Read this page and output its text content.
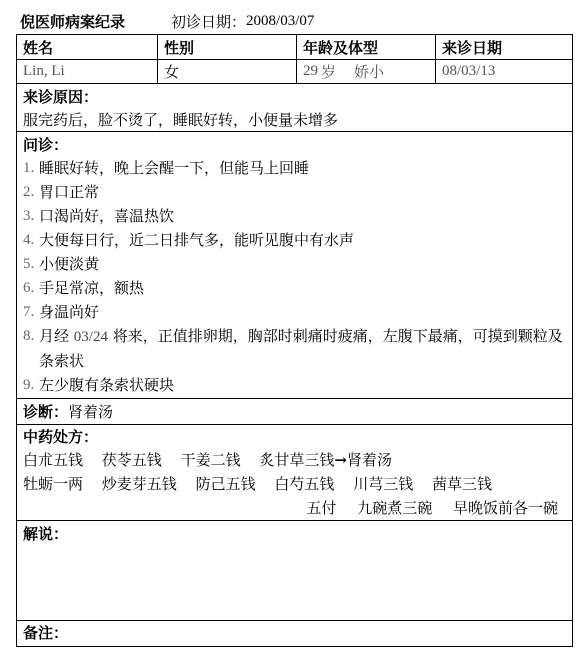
倪医师病案纪录	初诊日期： 2008/03/07
姓名	性别	年龄及体型	来诊日期
Lin, Li	女	29 岁 娇小	08/03/13
来诊原因：
服完药后，脸不烫了，睡眠好转，小便量未增多
问诊：
1. 睡眠好转，晚上会醒一下，但能马上回睡
2. 胃口正常
3. 口渴尚好，喜温热饮
4. 大便每日行，近二日排气多，能听见腹中有水声
5. 小便淡黄
6. 手足常凉，额热
7. 身温尚好
8. 月经 03/24 将来，正值排卵期，胸部时刺痛时疲痛，左腹下最痛，可摸到颗粒及条索状
9. 左少腹有条索状硬块
诊断： 肾着汤
中药处方：
白朮五钱 茯苓五钱 干姜二钱 炙甘草三钱→肾着汤
牡蛎一两 炒麦芽五钱 防己五钱 白芍五钱 川芎三钱 茜草三钱
五付 九碗煮三碗 早晚饭前各一碗
解说：
备注：
